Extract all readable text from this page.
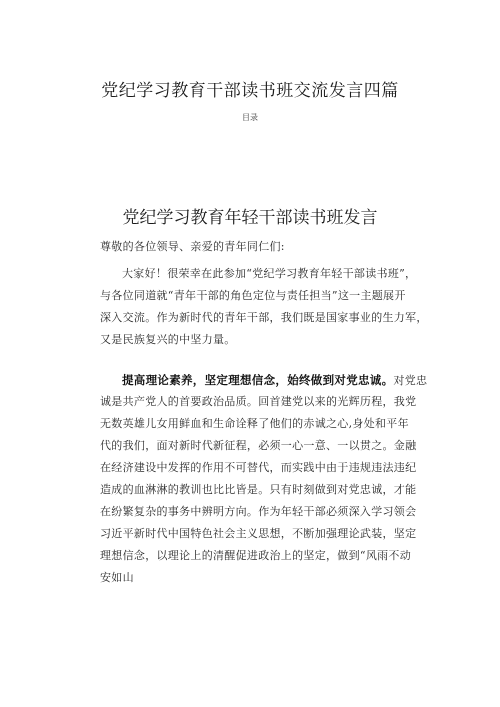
党纪学习教育干部读书班交流发言四篇
目录
党纪学习教育年轻干部读书班发言
尊敬的各位领导、亲爱的青年同仁们:
大家好！很荣幸在此参加“党纪学习教育年轻干部读书班”，
与各位同道就“青年干部的角色定位与责任担当”这一主题展开
深入交流。作为新时代的青年干部，我们既是国家事业的生力军，
又是民族复兴的中坚力量。
提高理论素养，坚定理想信念，始终做到对党忠诚。对党忠
诚是共产党人的首要政治品质。回首建党以来的光辉历程，我党
无数英雄儿女用鲜血和生命诠释了他们的赤诚之心,身处和平年
代的我们，面对新时代新征程，必须一心一意、一以贯之。金融
在经济建设中发挥的作用不可替代，而实践中由于违规违法违纪
造成的血淋淋的教训也比比皆是。只有时刻做到对党忠诚，才能
在纷繁复杂的事务中辨明方向。作为年轻干部必须深入学习领会
习近平新时代中国特色社会主义思想，不断加强理论武装，坚定
理想信念，以理论上的清醒促进政治上的坚定，做到“风雨不动
安如山
